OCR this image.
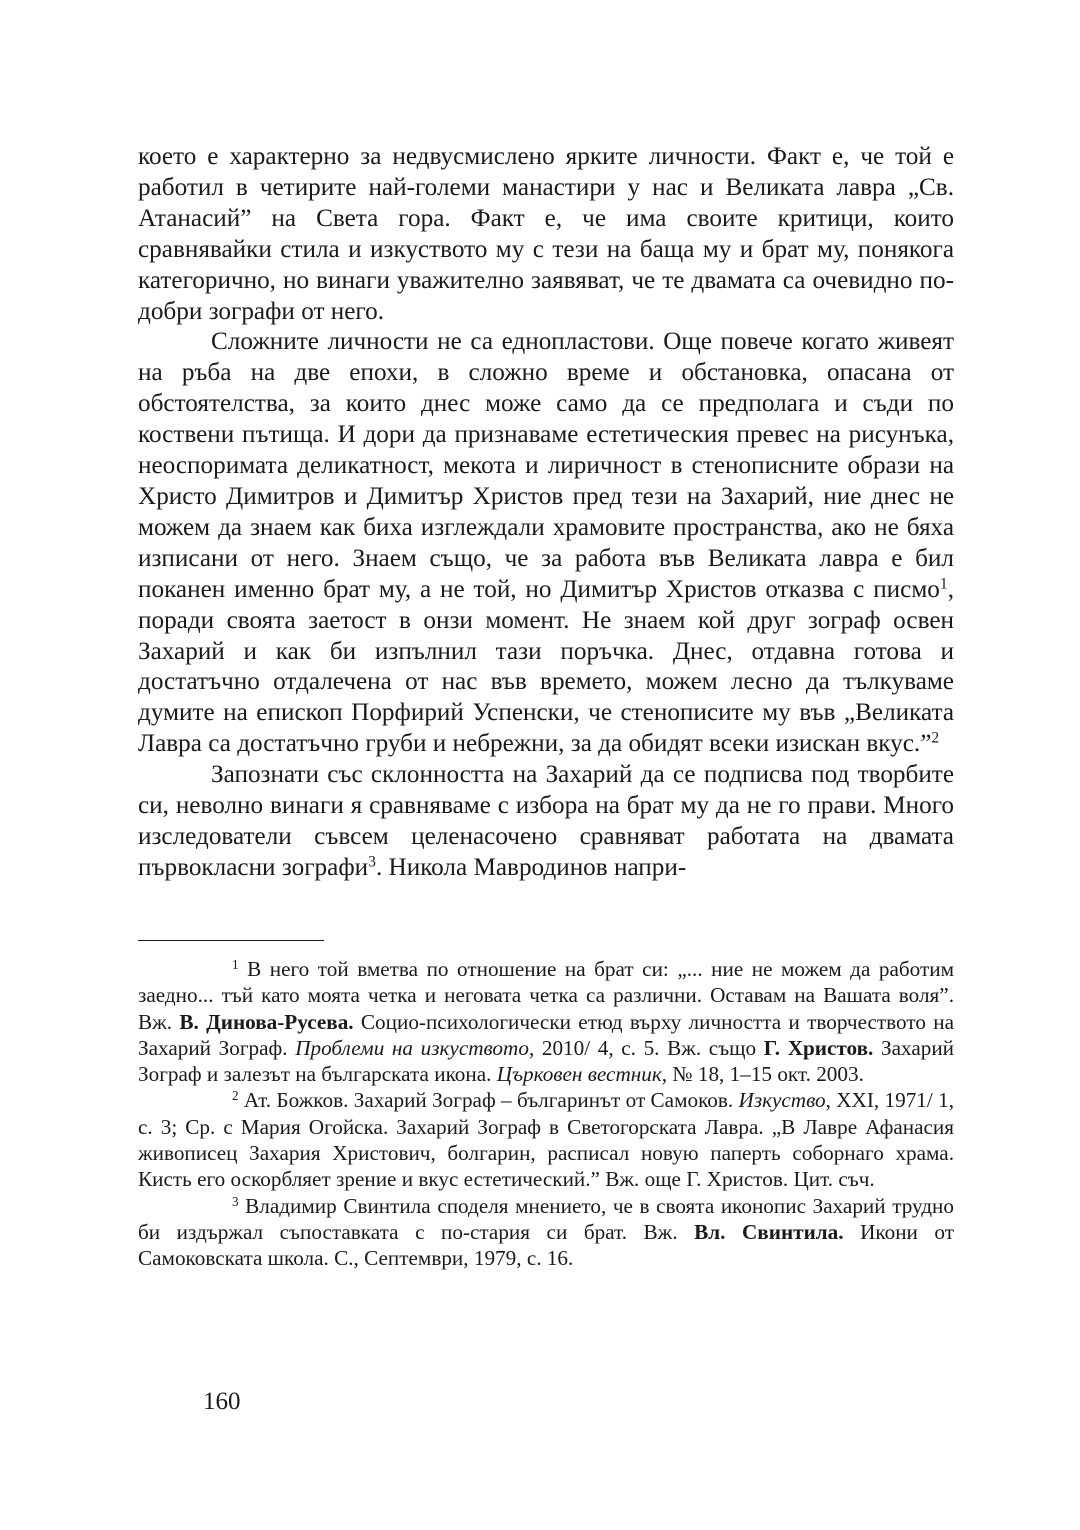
което е характерно за недвусмислено ярките личности. Факт е, че той е работил в четирите най-големи манастири у нас и Великата лавра „Св. Атанасий” на Света гора. Факт е, че има своите критици, които сравнявайки стила и изкуството му с тези на баща му и брат му, понякога категорично, но винаги уважително заявяват, че те двамата са очевидно по-добри зографи от него.

Сложните личности не са еднопластови. Още повече когато живеят на ръба на две епохи, в сложно време и обстановка, опасана от обстоятелства, за които днес може само да се предполага и съди по коствени пътища. И дори да признаваме естетическия превес на рисунъка, неоспоримата деликатност, мекота и лиричност в стенописните образи на Христо Димитров и Димитър Христов пред тези на Захарий, ние днес не можем да знаем как биха изглеждали храмовите пространства, ако не бяха изписани от него. Знаем също, че за работа във Великата лавра е бил поканен именно брат му, а не той, но Димитър Христов отказва с писмо$^1$, поради своята заетост в онзи момент. Не знаем кой друг зограф освен Захарий и как би изпълнил тази поръчка. Днес, отдавна готова и достатъчно отдалечена от нас във времето, можем лесно да тълкуваме думите на епископ Порфирий Успенски, че стенописите му във „Великата Лавра са достатъчно груби и небрежни, за да обидят всеки изискан вкус.”$^2$

Запознати със склонността на Захарий да се подписва под творбите си, неволно винаги я сравняваме с избора на брат му да не го прави. Много изследователи съвсем целенасочено сравняват работата на двамата първокласни зографи$^3$. Никола Мавродинов напри-

$^1$ В него той вметва по отношение на брат си: „... ние не можем да работим заедно... тъй като моята четка и неговата четка са различни. Оставам на Вашата воля”. Вж. В. Динова-Русева. Социо-психологически етюд върху личността и творчеството на Захарий Зограф. Проблеми на изкуството, 2010/ 4, с. 5. Вж. също Г. Христов. Захарий Зограф и залезът на българската икона. Църковен вестник, № 18, 1–15 окт. 2003.

$^2$ Ат. Божков. Захарий Зограф – българинът от Самоков. Изкуство, XXI, 1971/ 1, с. 3; Ср. с Мария Огойска. Захарий Зограф в Светогорската Лавра. „В Лавре Афанасия живописец Захария Христович, болгарин, расписал новую паперть соборнаго храма. Кисть его оскорбляет зрение и вкус естетический.” Вж. още Г. Христов. Цит. съч.

$^3$ Владимир Свинтила споделя мнението, че в своята иконопис Захарий трудно би издържал съпоставката с по-стария си брат. Вж. Вл. Свинтила. Икони от Самоковската школа. С., Септември, 1979, с. 16.

160
